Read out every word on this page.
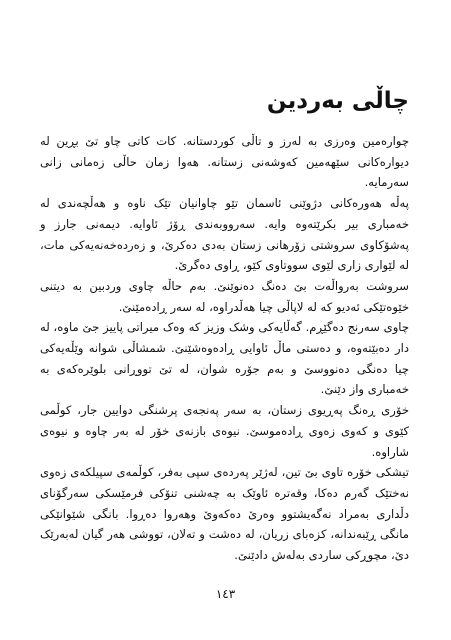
چاڵی بەردین

چوارەمین وەرزی بە لەرز و تاڵی کوردستانە. کات کاتی چاو تێ بڕین لە دیوارەکانی سێهەمین کەوشەنی زستانە. هەوا زمان حاڵی زەمانی زانی سەرمایە.

پەڵە هەورەکانی دژوێنی ئاسمان تێو چاوانیان تێک ناوە و هەڵچەندی لە خەمباری بیر بکرێتەوە وایە. سەرووبەندی ڕۆژ ئاوایە. دیمەنی جارز و پەشۆکاوی سروشتی زۆرهانی زستان بەدی دەکرێ، و زەردەخەنەیەکی مات، لە لێواری زاری لێوی سووتاوی کێو، ڕاوی دەگرێ.

سروشت بەرواڵەت بێ دەنگ دەنوێنێ. بەم حاڵە چاوی وردبین بە دیتنی خێوەتێکی ئەدیو کە لە لاپاڵی چیا هەڵدراوە، لە سەر ڕادەمێنێ.

چاوی سەرنج دەگێڕم. گەڵایەکی وشک وزیز کە وەک میراتی پاییز جێ ماوە، لە دار دەبێتەوە، و دەستی ماڵ ئاوایی ڕادەوەشێنێ. شمشاڵی شوانە وێڵەیەکی چیا دەنگی دەنووسێ و بەم جۆرە شوان، لە تێ تووڕانی بلوێرەکەی بە خەمباری واز دێنێ.

خۆری ڕەنگ پەڕیوی زستان، بە سەر پەنجەی پرشنگی دوایین جار، کوڵمی کێوی و کەوی زەوی ڕادەموسێ. نیوەی بازنەی خۆر لە بەر چاوە و نیوەی شاراوە.

تیشکی خۆرە تاوی بێ تین، لەژێر پەردەی سپی بەفر، کوڵمەی سپیلکەی زەوی نەختێک گەرم دەکا، وقەترە ئاوێک بە چەشنی تنۆکی فرمێسکی سەرگۆنای دڵداری بەمراد نەگەیشتوو وەرێ دەکەوێ وهەروا دەڕوا. بانگی شێوانێکی مانگی ڕێبەندانە، کزەبای زریان، لە دەشت و تەلان، تووشی هەر گیان لەبەرێک دێ، مچوڕکی ساردی بەلەش دادێنێ.

١٤٣
